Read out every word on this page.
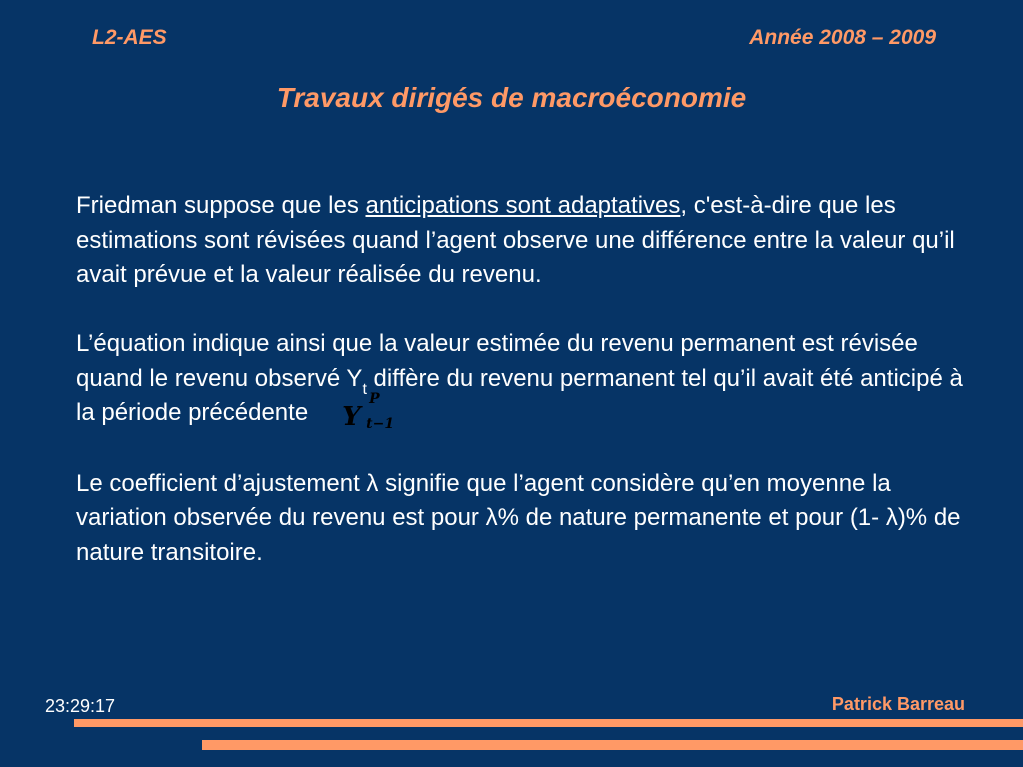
L2-AES	Année 2008 – 2009
Travaux dirigés de macroéconomie

Friedman suppose que les anticipations sont adaptatives, c'est-à-dire que les estimations sont révisées quand l’agent observe une différence entre la valeur qu’il avait prévue et la valeur réalisée du revenu.

L’équation indique ainsi que la valeur estimée du revenu permanent est révisée quand le revenu observé $Y_t$ diffère du revenu permanent tel qu’il avait été anticipé à la période précédente Y
P
t−1

Le coefficient d’ajustement λ signifie que l’agent considère qu’en moyenne la variation observée du revenu est pour λ% de nature permanente et pour (1- λ)% de nature transitoire.

23:29:17	Patrick Barreau
